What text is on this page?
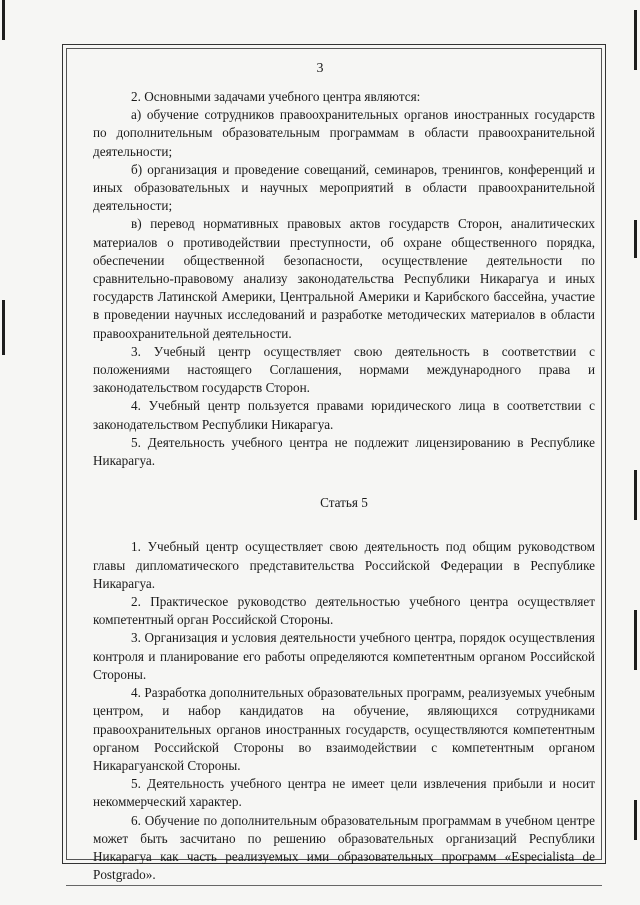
3

2. Основными задачами учебного центра являются:

а) обучение сотрудников правоохранительных органов иностранных государств по дополнительным образовательным программам в области правоохранительной деятельности;

б) организация и проведение совещаний, семинаров, тренингов, конференций и иных образовательных и научных мероприятий в области правоохранительной деятельности;

в) перевод нормативных правовых актов государств Сторон, аналитических материалов о противодействии преступности, об охране общественного порядка, обеспечении общественной безопасности, осуществление деятельности по сравнительно-правовому анализу законодательства Республики Никарагуа и иных государств Латинской Америки, Центральной Америки и Карибского бассейна, участие в проведении научных исследований и разработке методических материалов в области правоохранительной деятельности.

3. Учебный центр осуществляет свою деятельность в соответствии с положениями настоящего Соглашения, нормами международного права и законодательством государств Сторон.

4. Учебный центр пользуется правами юридического лица в соответствии с законодательством Республики Никарагуа.

5. Деятельность учебного центра не подлежит лицензированию в Республике Никарагуа.

Статья 5

1. Учебный центр осуществляет свою деятельность под общим руководством главы дипломатического представительства Российской Федерации в Республике Никарагуа.

2. Практическое руководство деятельностью учебного центра осуществляет компетентный орган Российской Стороны.

3. Организация и условия деятельности учебного центра, порядок осуществления контроля и планирование его работы определяются компетентным органом Российской Стороны.

4. Разработка дополнительных образовательных программ, реализуемых учебным центром, и набор кандидатов на обучение, являющихся сотрудниками правоохранительных органов иностранных государств, осуществляются компетентным органом Российской Стороны во взаимодействии с компетентным органом Никарагуанской Стороны.

5. Деятельность учебного центра не имеет цели извлечения прибыли и носит некоммерческий характер.

6. Обучение по дополнительным образовательным программам в учебном центре может быть засчитано по решению образовательных организаций Республики Никарагуа как часть реализуемых ими образовательных программ «Especialista de Postgrado».
